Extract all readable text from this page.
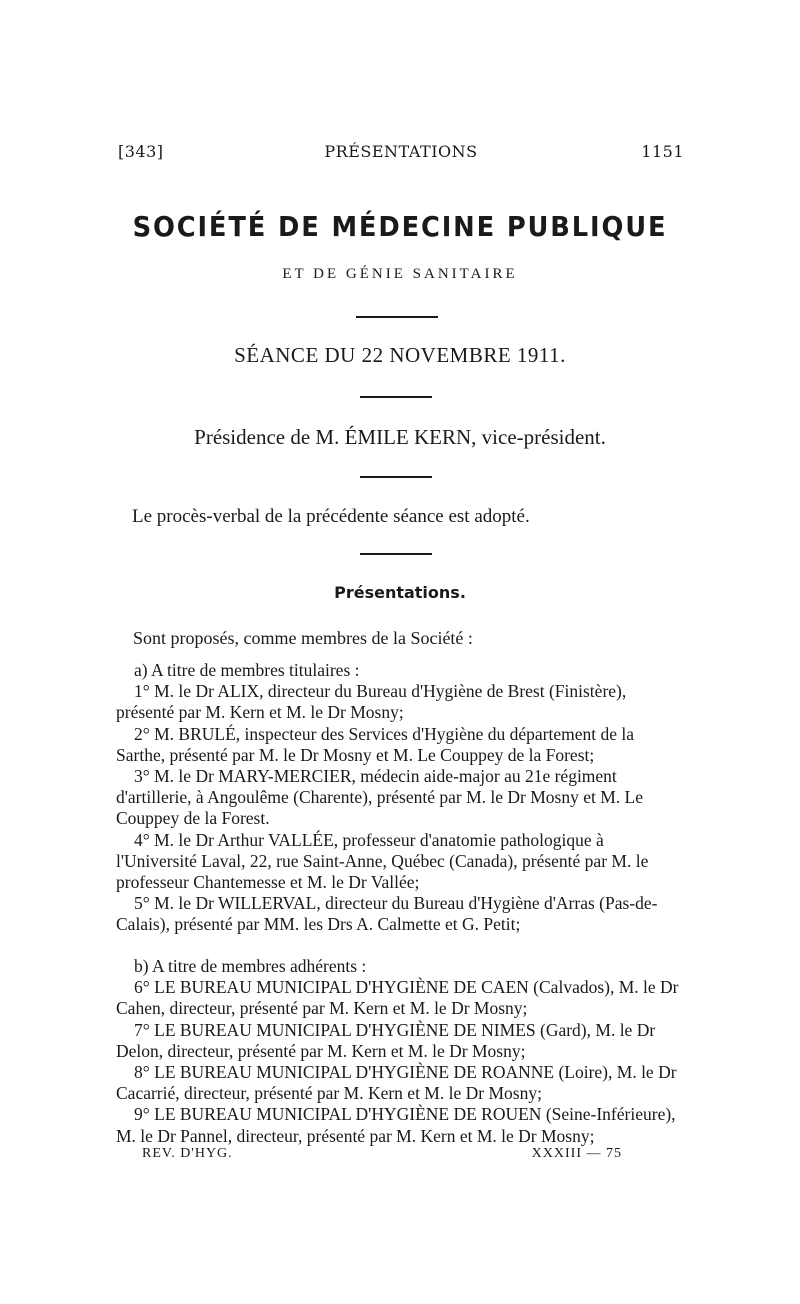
[343]	PRÉSENTATIONS	1151
SOCIÉTÉ DE MÉDECINE PUBLIQUE
ET DE GÉNIE SANITAIRE
SÉANCE DU 22 NOVEMBRE 1911.
Présidence de M. ÉMILE KERN, vice-président.
Le procès-verbal de la précédente séance est adopté.
Présentations.
Sont proposés, comme membres de la Société :

a) A titre de membres titulaires :

1° M. le Dr ALIX, directeur du Bureau d'Hygiène de Brest (Finistère), présenté par M. Kern et M. le Dr Mosny;

2° M. BRULÉ, inspecteur des Services d'Hygiène du département de la Sarthe, présenté par M. le Dr Mosny et M. Le Couppey de la Forest;

3° M. le Dr MARY-MERCIER, médecin aide-major au 21e régiment d'artillerie, à Angoulême (Charente), présenté par M. le Dr Mosny et M. Le Couppey de la Forest.

4° M. le Dr Arthur VALLÉE, professeur d'anatomie pathologique à l'Université Laval, 22, rue Saint-Anne, Québec (Canada), présenté par M. le professeur Chantemesse et M. le Dr Vallée;

5° M. le Dr WILLERVAL, directeur du Bureau d'Hygiène d'Arras (Pas-de-Calais), présenté par MM. les Drs A. Calmette et G. Petit;

b) A titre de membres adhérents :

6° LE BUREAU MUNICIPAL D'HYGIÈNE DE CAEN (Calvados), M. le Dr Cahen, directeur, présenté par M. Kern et M. le Dr Mosny;

7° LE BUREAU MUNICIPAL D'HYGIÈNE DE NIMES (Gard), M. le Dr Delon, directeur, présenté par M. Kern et M. le Dr Mosny;

8° LE BUREAU MUNICIPAL D'HYGIÈNE DE ROANNE (Loire), M. le Dr Cacarrié, directeur, présenté par M. Kern et M. le Dr Mosny;

9° LE BUREAU MUNICIPAL D'HYGIÈNE DE ROUEN (Seine-Inférieure), M. le Dr Pannel, directeur, présenté par M. Kern et M. le Dr Mosny;

REV. D'HYG.	XXXIII — 75
